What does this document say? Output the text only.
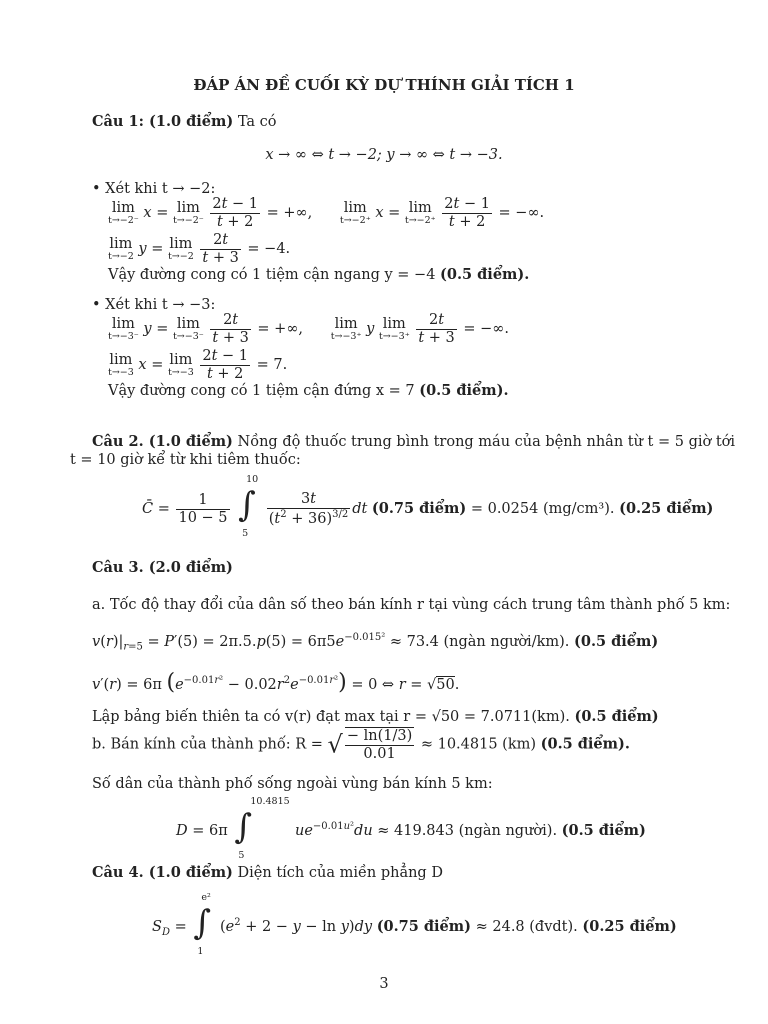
ĐÁP ÁN ĐỀ CUỐI KỲ DỰ THÍNH GIẢI TÍCH 1
Câu 1: (1.0 điểm) Ta có
x → ∞ ⇔ t → −2; y → ∞ ⇔ t → −3.
• Xét khi t → −2:
lim
t→−2⁻ x = lim
t→−2⁻
$\frac{2t - 1}{t + 2}$ = +∞,      lim
t→−2⁺ x = lim
t→−2⁺
$\frac{2t - 1}{t + 2}$ = −∞.
lim
t→−2 y = lim
t→−2
$\frac{2t}{t + 3} = -4$.
Vậy đường cong có 1 tiệm cận ngang y = −4 (0.5 điểm).
• Xét khi t → −3:
lim
t→−3⁻ y = lim
t→−3⁻
$\frac{2t}{t + 3}$ = +∞,      lim
t→−3⁺ y lim
t→−3⁺
$\frac{2t}{t + 3}$ = −∞.
lim
t→−3 x = lim
t→−3
$\frac{2t - 1}{t + 2} = 7$.
Vậy đường cong có 1 tiệm cận đứng x = 7 (0.5 điểm).
Câu 2. (1.0 điểm) Nồng độ thuốc trung bình trong máu của bệnh nhân từ t = 5 giờ tới
t = 10 giờ kể từ khi tiêm thuốc:
C̄ = $\frac{1}{10 - 5}$

10
∫
5

$\frac{3t}{(t^2 + 36)^{3/2}}$ dt (0.75 điểm) = 0.0254 (mg/cm³). (0.25 điểm)
Câu 3. (2.0 điểm)
a. Tốc độ thay đổi của dân số theo bán kính r tại vùng cách trung tâm thành phố 5 km:
$v(r)|_{r=5} = P'(5) = 2\pi.5.p(5) = 6\pi 5e^{-0.015^2} \approx 73.4$ (ngàn người/km). (0.5 điểm)
v′(r) = 6π $(e^{-0.01r^2} - 0.02r^2e^{-0.01r^2}) = 0$ ⇔ r = √50.
Lập bảng biến thiên ta có v(r) đạt max tại r = √50 = 7.0711(km). (0.5 điểm)
b. Bán kính của thành phố: R = √ $\frac{- \ln(1/3)}{0.01} \approx 10.4815$ (km) (0.5 điểm).
Số dân của thành phố sống ngoài vùng bán kính 5 km:
D = 6π
10.4815
∫
5
$ue^{-0.01u^2}du \approx 419.843$ (ngàn người). (0.5 điểm)
Câu 4. (1.0 điểm) Diện tích của miền phẳng D
$S_D$ =
e²
∫
1
$(e^2 + 2 - y - \ln y)dy$ (0.75 điểm) ≈ 24.8 (đvdt). (0.25 điểm)
3
